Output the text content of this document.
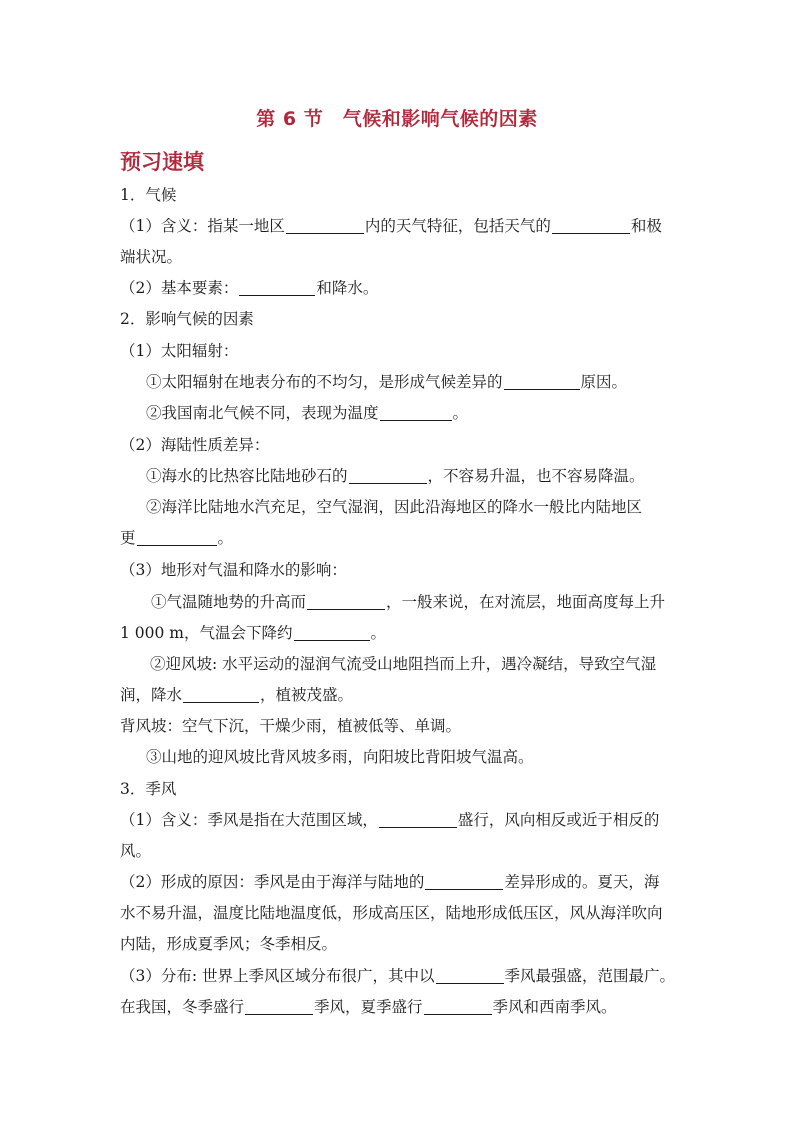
第 6 节　气候和影响气候的因素
预习速填
1．气候
（1）含义：指某一地区	内的天气特征，包括天气的	和极
端状况。
（2）基本要素：	和降水。
2．影响气候的因素
（1）太阳辐射：
①太阳辐射在地表分布的不均匀，是形成气候差异的	原因。
②我国南北气候不同，表现为温度	。
（2）海陆性质差异：
①海水的比热容比陆地砂石的	，不容易升温，也不容易降温。
②海洋比陆地水汽充足，空气湿润，因此沿海地区的降水一般比内陆地区
更	。
（3）地形对气温和降水的影响：
①气温随地势的升高而	，一般来说，在对流层，地面高度每上升
1 000 m，气温会下降约	。
②迎风坡: 水平运动的湿润气流受山地阻挡而上升，遇冷凝结，导致空气湿
润，降水	，植被茂盛。
背风坡：空气下沉，干燥少雨，植被低等、单调。
③山地的迎风坡比背风坡多雨，向阳坡比背阳坡气温高。
3．季风
（1）含义：季风是指在大范围区域，	盛行，风向相反或近于相反的
风。
（2）形成的原因：季风是由于海洋与陆地的	差异形成的。夏天，海
水不易升温，温度比陆地温度低，形成高压区，陆地形成低压区，风从海洋吹向
内陆，形成夏季风；冬季相反。
（3）分布: 世界上季风区域分布很广，其中以	季风最强盛，范围最广。
在我国，冬季盛行	季风，夏季盛行	季风和西南季风。
